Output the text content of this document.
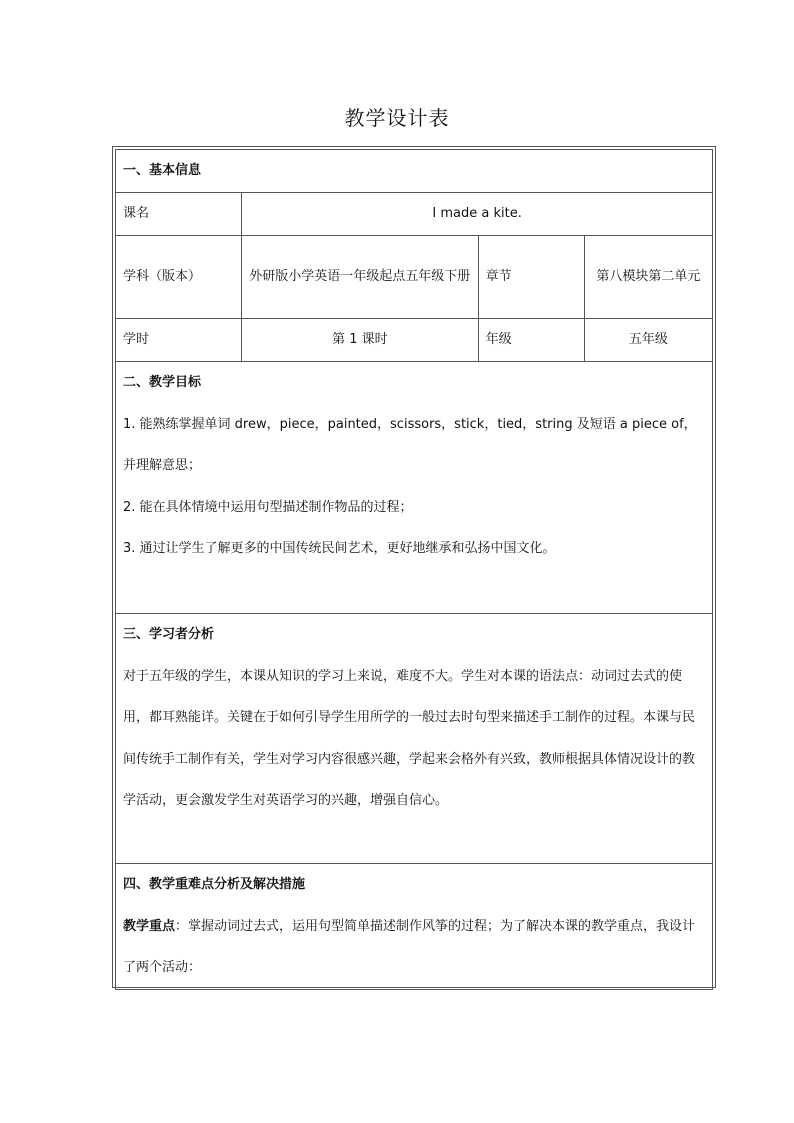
教学设计表
一、基本信息			
课名	I made a kite.		
学科（版本）	外研版小学英语一年级起点五年级下册	章节	第八模块第二单元
学时	第 1 课时	年级	五年级

二、教学目标

1. 能熟练掌握单词 drew，piece，painted，scissors，stick，tied，string 及短语 a piece of，并理解意思；

2. 能在具体情境中运用句型描述制作物品的过程；

3. 通过让学生了解更多的中国传统民间艺术，更好地继承和弘扬中国文化。			

三、学习者分析

对于五年级的学生，本课从知识的学习上来说，难度不大。学生对本课的语法点：动词过去式的使用，都耳熟能详。关键在于如何引导学生用所学的一般过去时句型来描述手工制作的过程。本课与民间传统手工制作有关，学生对学习内容很感兴趣，学起来会格外有兴致，教师根据具体情况设计的教学活动，更会激发学生对英语学习的兴趣，增强自信心。			

四、教学重难点分析及解决措施

教学重点：掌握动词过去式，运用句型简单描述制作风筝的过程；为了解决本课的教学重点，我设计了两个活动：			
